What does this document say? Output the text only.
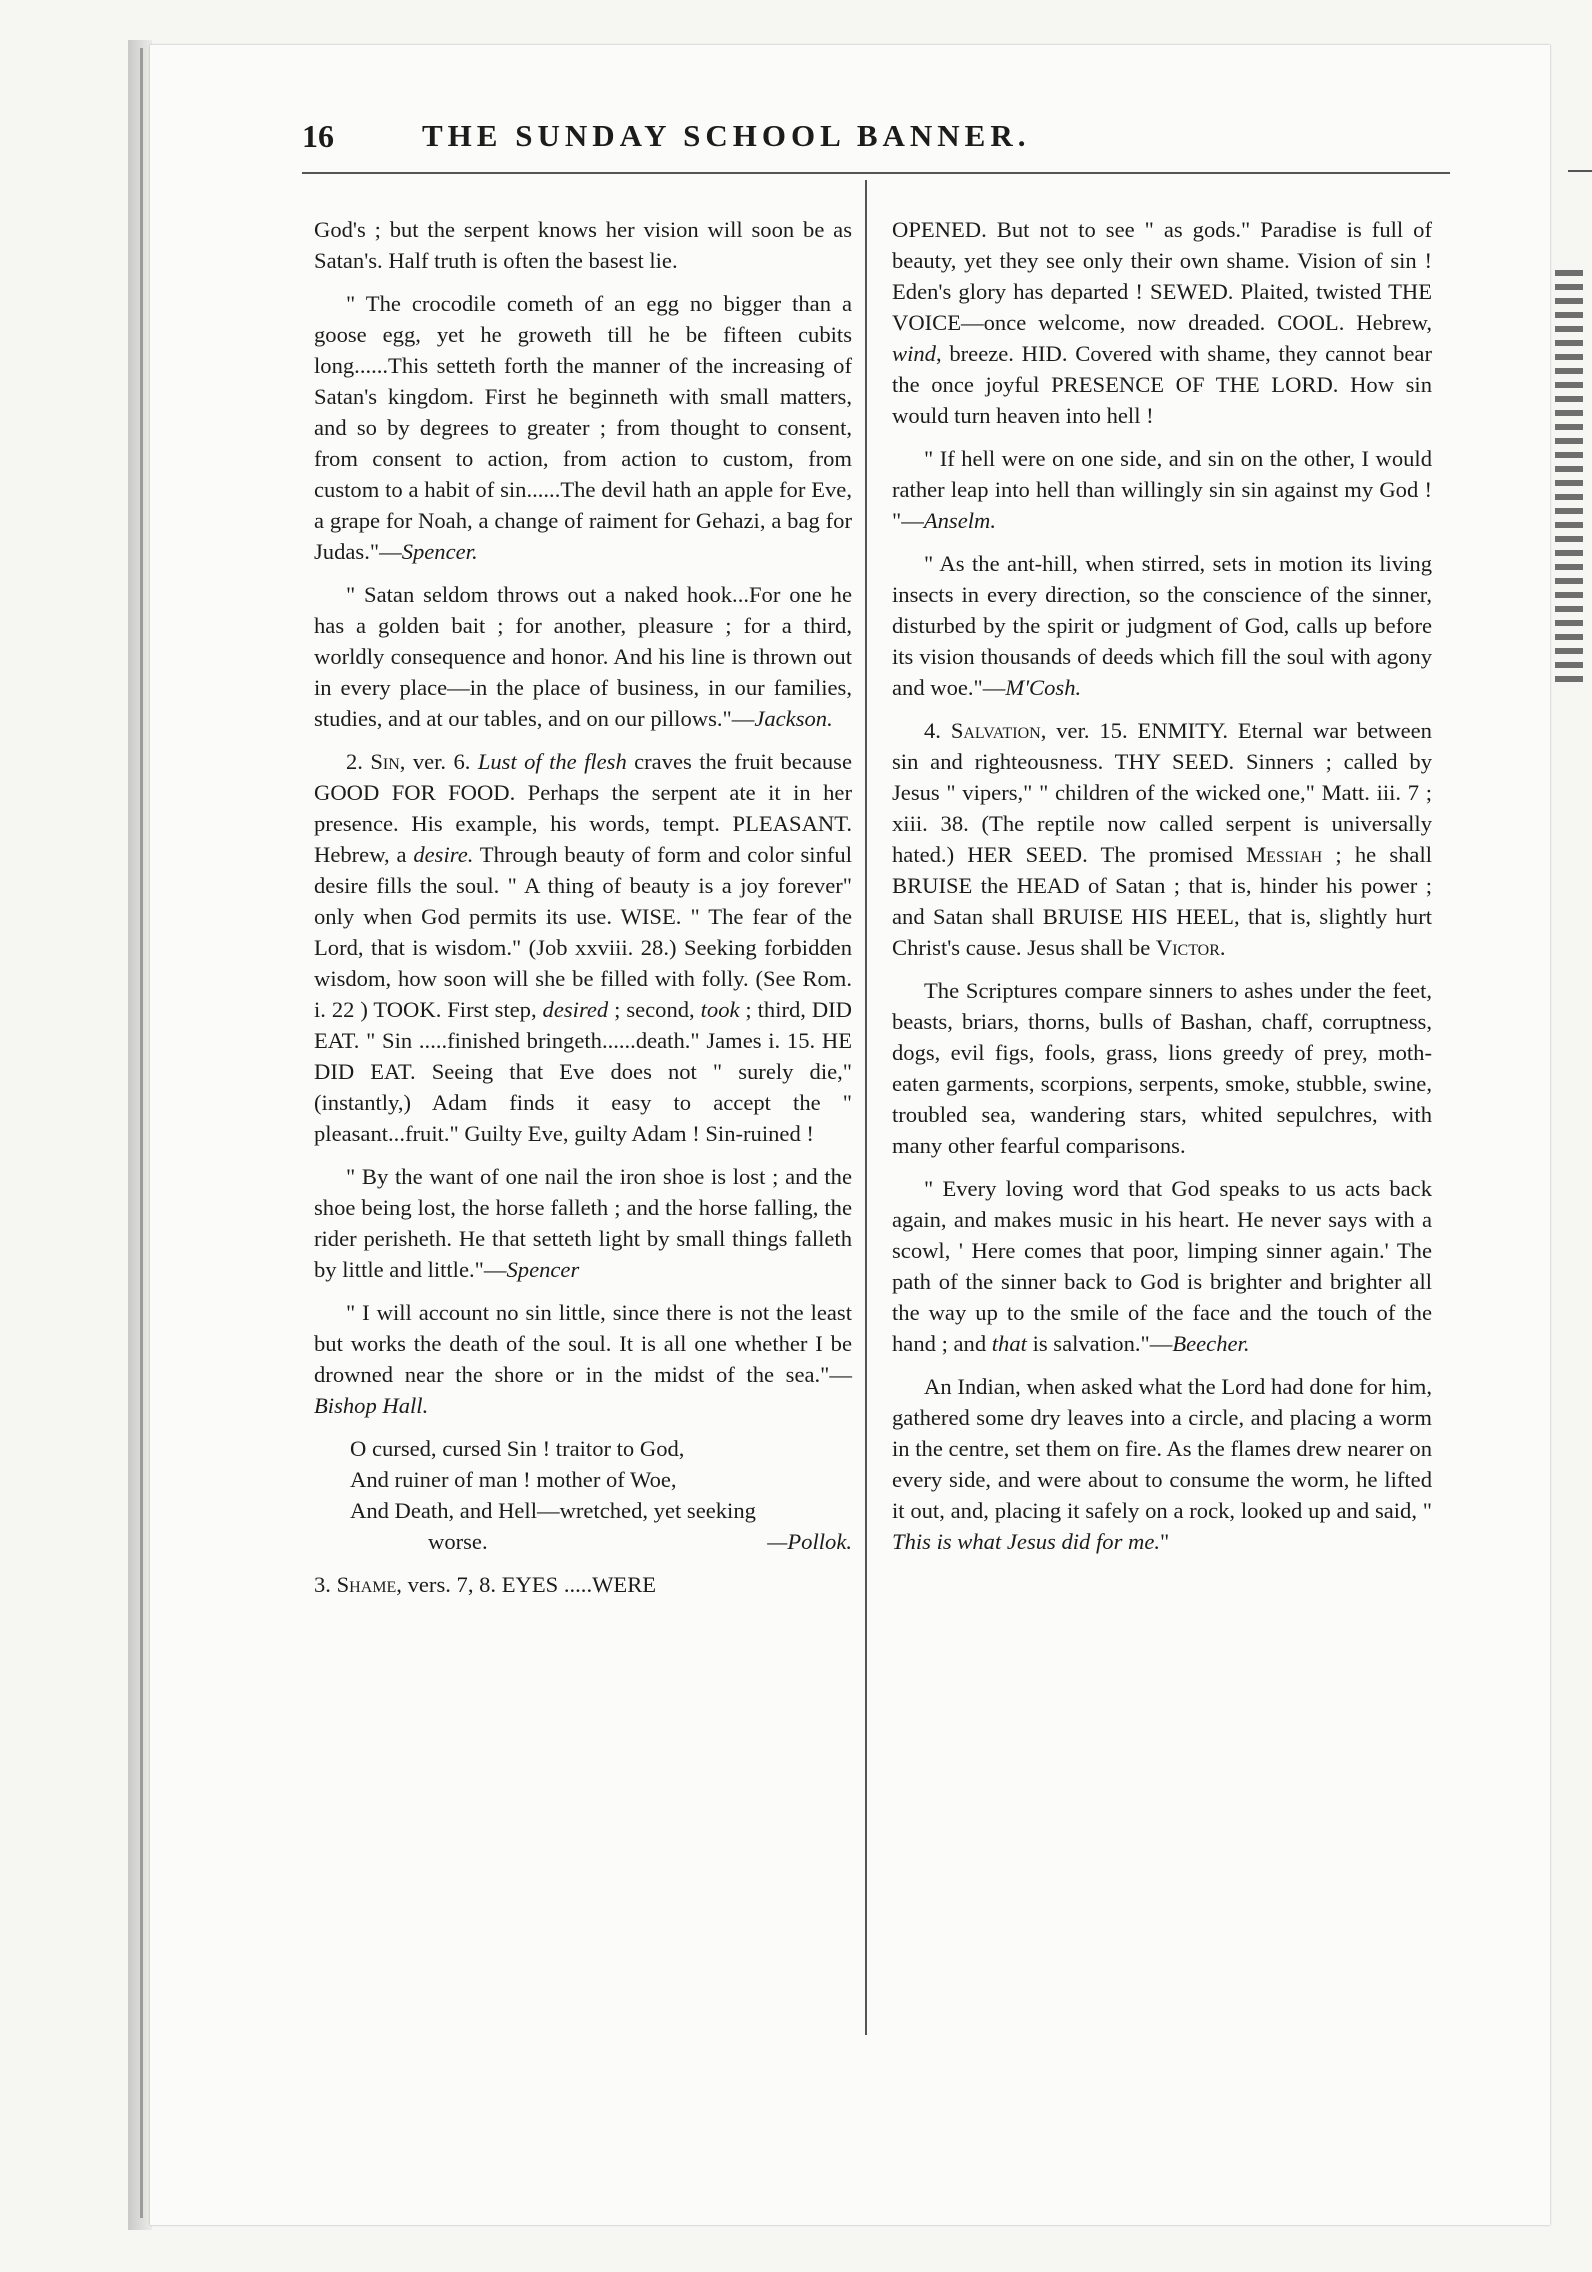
16	THE SUNDAY SCHOOL BANNER.

God's ; but the serpent knows her vision will soon be as Satan's. Half truth is often the basest lie.

" The crocodile cometh of an egg no bigger than a goose egg, yet he groweth till he be fifteen cubits long......This setteth forth the manner of the increasing of Satan's kingdom. First he beginneth with small matters, and so by degrees to greater ; from thought to consent, from consent to action, from action to custom, from custom to a habit of sin......The devil hath an apple for Eve, a grape for Noah, a change of raiment for Gehazi, a bag for Judas."—Spencer.

" Satan seldom throws out a naked hook...For one he has a golden bait ; for another, pleasure ; for a third, worldly consequence and honor. And his line is thrown out in every place—in the place of business, in our families, studies, and at our tables, and on our pillows."—Jackson.

2. Sin, ver. 6. Lust of the flesh craves the fruit because GOOD FOR FOOD. Perhaps the serpent ate it in her presence. His example, his words, tempt. PLEASANT. Hebrew, a desire. Through beauty of form and color sinful desire fills the soul. " A thing of beauty is a joy forever" only when God permits its use. WISE. " The fear of the Lord, that is wisdom." (Job xxviii. 28.) Seeking forbidden wisdom, how soon will she be filled with folly. (See Rom. i. 22 ) TOOK. First step, desired ; second, took ; third, DID EAT. " Sin .....finished bringeth......death." James i. 15. HE DID EAT. Seeing that Eve does not " surely die," (instantly,) Adam finds it easy to accept the " pleasant...fruit." Guilty Eve, guilty Adam ! Sin-ruined !

" By the want of one nail the iron shoe is lost ; and the shoe being lost, the horse falleth ; and the horse falling, the rider perisheth. He that setteth light by small things falleth by little and little."—Spencer

" I will account no sin little, since there is not the least but works the death of the soul. It is all one whether I be drowned near the shore or in the midst of the sea."—Bishop Hall.

O cursed, cursed Sin ! traitor to God,
And ruiner of man ! mother of Woe,
And Death, and Hell—wretched, yet seeking
worse.	—Pollok.

3. Shame, vers. 7, 8. EYES .....WERE

OPENED. But not to see " as gods." Paradise is full of beauty, yet they see only their own shame. Vision of sin ! Eden's glory has departed ! SEWED. Plaited, twisted THE VOICE—once welcome, now dreaded. COOL. Hebrew, wind, breeze. HID. Covered with shame, they cannot bear the once joyful PRESENCE OF THE LORD. How sin would turn heaven into hell !

" If hell were on one side, and sin on the other, I would rather leap into hell than willingly sin sin against my God ! "—Anselm.

" As the ant-hill, when stirred, sets in motion its living insects in every direction, so the conscience of the sinner, disturbed by the spirit or judgment of God, calls up before its vision thousands of deeds which fill the soul with agony and woe."—M'Cosh.

4. Salvation, ver. 15. ENMITY. Eternal war between sin and righteousness. THY SEED. Sinners ; called by Jesus " vipers," " children of the wicked one," Matt. iii. 7 ; xiii. 38. (The reptile now called serpent is universally hated.) HER SEED. The promised Messiah ; he shall BRUISE the HEAD of Satan ; that is, hinder his power ; and Satan shall BRUISE HIS HEEL, that is, slightly hurt Christ's cause. Jesus shall be Victor.

The Scriptures compare sinners to ashes under the feet, beasts, briars, thorns, bulls of Bashan, chaff, corruptness, dogs, evil figs, fools, grass, lions greedy of prey, moth-eaten garments, scorpions, serpents, smoke, stubble, swine, troubled sea, wandering stars, whited sepulchres, with many other fearful comparisons.

" Every loving word that God speaks to us acts back again, and makes music in his heart. He never says with a scowl, ' Here comes that poor, limping sinner again.' The path of the sinner back to God is brighter and brighter all the way up to the smile of the face and the touch of the hand ; and that is salvation."—Beecher.

An Indian, when asked what the Lord had done for him, gathered some dry leaves into a circle, and placing a worm in the centre, set them on fire. As the flames drew nearer on every side, and were about to consume the worm, he lifted it out, and, placing it safely on a rock, looked up and said, " This is what Jesus did for me."
